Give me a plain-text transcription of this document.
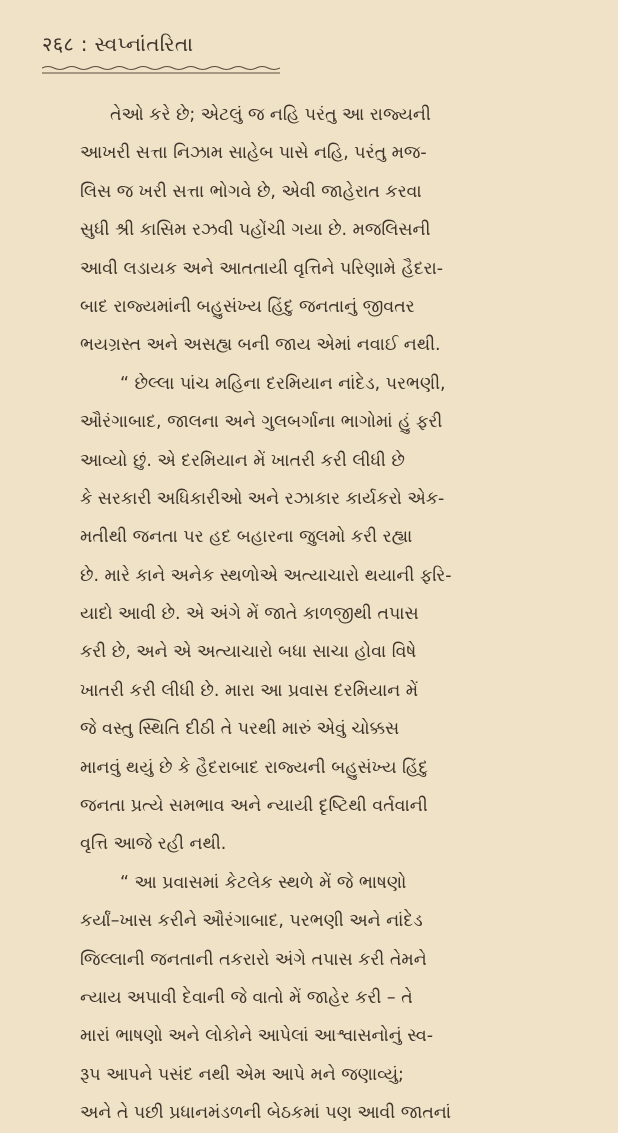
२६८ : સ્વપ્નાંતરિતા
તેઓ કરે છે; એટલું જ નહિ પરંતુ આ રાજ્યની
આખરી સત્તા નિઝામ સાહેબ પાસે નહિ, પરંતુ મજ-
લિસ જ ખરી સત્તા ભોગવે છે, એવી જાહેરાત કરવા
સુધી શ્રી કાસિમ રઝવી પહોંચી ગયા છે. મજલિસની
આવી લડાયક અને આતતાયી વૃત્તિને પરિણામે હૈદરા-
બાદ રાજ્યમાંની બહુસંખ્ય હિંદુ જનતાનું જીવતર
ભયગ્રસ્ત અને અસહ્ય બની જાય એમાં નવાઈ નથી.
“ છેલ્લા પાંચ મહિના દરમિયાન નાંદેડ, પરભણી,
ઔરંગાબાદ, જાલના અને ગુલબર્ગાના ભાગોમાં હું ફરી
આવ્યો છું. એ દરમિયાન મેં ખાતરી કરી લીધી છે
કે સરકારી અધિકારીઓ અને રઝાકાર કાર્યકરો એક-
મતીથી જનતા પર હદ બહારના જુલમો કરી રહ્યા
છે. મારે કાને અનેક સ્થળોએ અત્યાચારો થયાની ફરિ-
યાદો આવી છે. એ અંગે મેં જાતે કાળજીથી તપાસ
કરી છે, અને એ અત્યાચારો બધા સાચા હોવા વિષે
ખાતરી કરી લીધી છે. મારા આ પ્રવાસ દરમિયાન મેં
જે વસ્તુ સ્થિતિ દીઠી તે પરથી મારું એવું ચોક્કસ
માનવું થયું છે કે હૈદરાબાદ રાજ્યની બહુસંખ્ય હિંદુ
જનતા પ્રત્યે સમભાવ અને ન્યાયી દૃષ્ટિથી વર્તવાની
વૃત્તિ આજે રહી નથી.
“ આ પ્રવાસમાં કેટલેક સ્થળે મેં જે ભાષણો
કર્યાં–ખાસ કરીને ઔરંગાબાદ, પરભણી અને નાંદેડ
જિલ્લાની જનતાની તકરારો અંગે તપાસ કરી તેમને
ન્યાય અપાવી દેવાની જે વાતો મેં જાહેર કરી – તે
મારાં ભાષણો અને લોકોને આપેલાં આશ્વાસનોનું સ્વ-
રૂપ આપને પસંદ નથી એમ આપે મને જણાવ્યું;
અને તે પછી પ્રધાનમંડળની બેઠકમાં પણ આવી જાતનાં
